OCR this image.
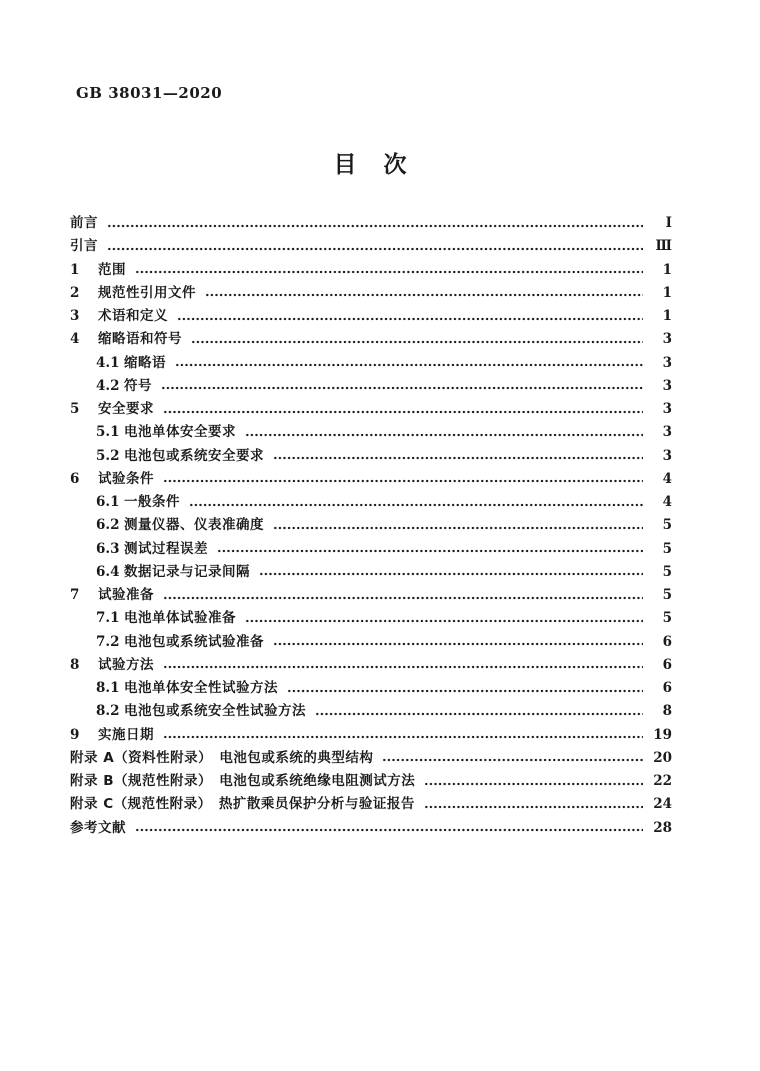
GB 38031—2020
目　次
前言	Ⅰ
引言	Ⅲ
1	范围	1
2	规范性引用文件	1
3	术语和定义	1
4	缩略语和符号	3
4.1 缩略语	3
4.2 符号	3
5	安全要求	3
5.1 电池单体安全要求	3
5.2 电池包或系统安全要求	3
6	试验条件	4
6.1 一般条件	4
6.2 测量仪器、仪表准确度	5
6.3 测试过程误差	5
6.4 数据记录与记录间隔	5
7	试验准备	5
7.1 电池单体试验准备	5
7.2 电池包或系统试验准备	6
8	试验方法	6
8.1 电池单体安全性试验方法	6
8.2 电池包或系统安全性试验方法	8
9	实施日期	19
附录 A（资料性附录）　电池包或系统的典型结构	20
附录 B（规范性附录）　电池包或系统绝缘电阻测试方法	22
附录 C（规范性附录）　热扩散乘员保护分析与验证报告	24
参考文献	28
